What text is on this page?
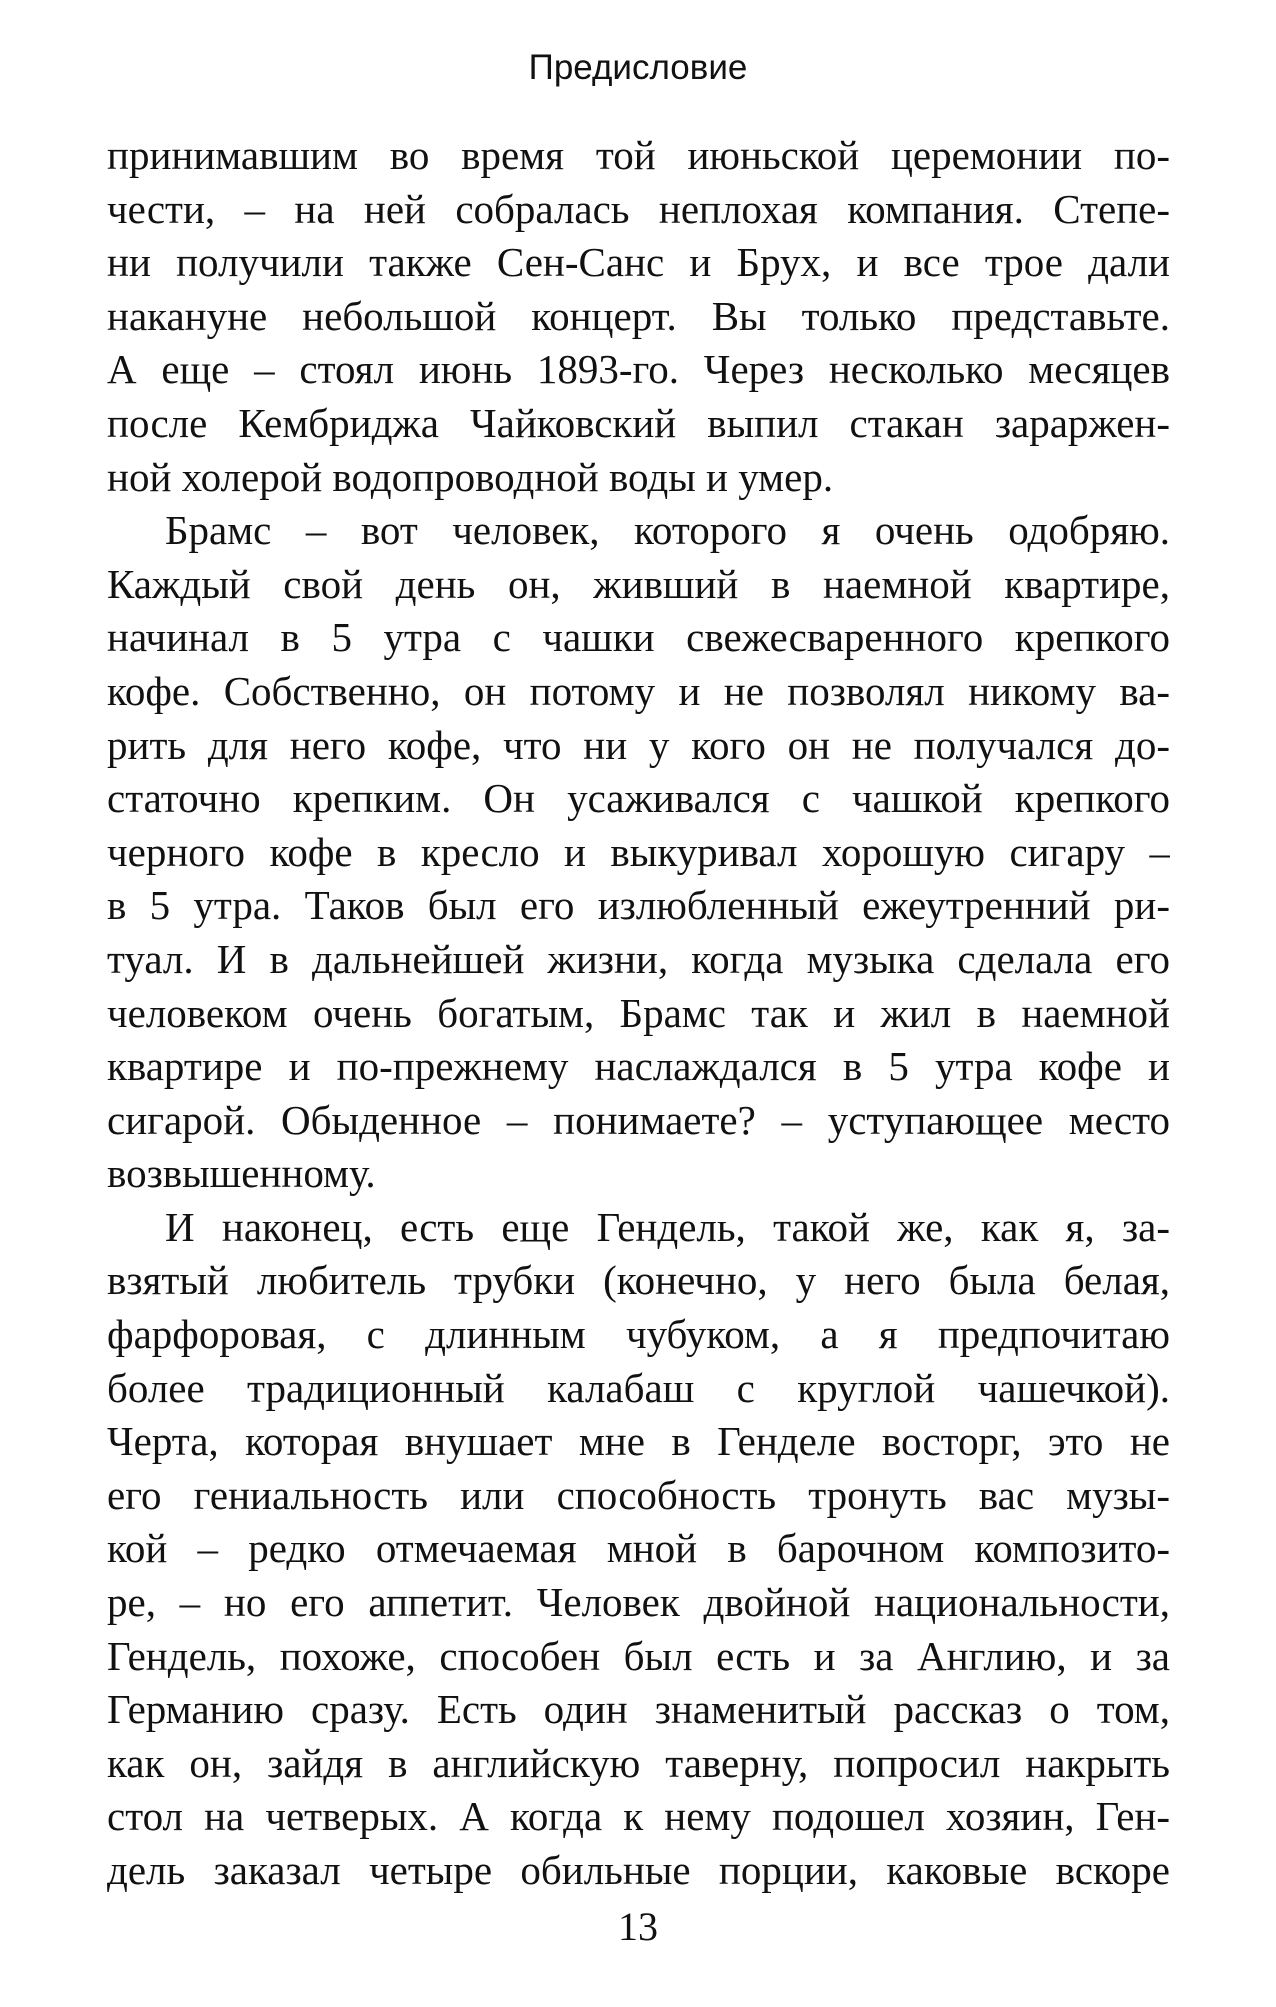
Предисловие
принимавшим во время той июньской церемонии по-
чести, – на ней собралась неплохая компания. Степе-
ни получили также Сен-Санс и Брух, и все трое дали
накануне небольшой концерт. Вы только представьте.
А еще – стоял июнь 1893-го. Через несколько месяцев
после Кембриджа Чайковский выпил стакан зараржен-
ной холерой водопроводной воды и умер.
Брамс – вот человек, которого я очень одобряю.
Каждый свой день он, живший в наемной квартире,
начинал в 5 утра с чашки свежесваренного крепкого
кофе. Собственно, он потому и не позволял никому ва-
рить для него кофе, что ни у кого он не получался до-
статочно крепким. Он усаживался с чашкой крепкого
черного кофе в кресло и выкуривал хорошую сигару –
в 5 утра. Таков был его излюбленный ежеутренний ри-
туал. И в дальнейшей жизни, когда музыка сделала его
человеком очень богатым, Брамс так и жил в наемной
квартире и по-прежнему наслаждался в 5 утра кофе и
сигарой. Обыденное – понимаете? – уступающее место
возвышенному.
И наконец, есть еще Гендель, такой же, как я, за-
взятый любитель трубки (конечно, у него была белая,
фарфоровая, с длинным чубуком, а я предпочитаю
более традиционный калабаш с круглой чашечкой).
Черта, которая внушает мне в Генделе восторг, это не
его гениальность или способность тронуть вас музы-
кой – редко отмечаемая мной в барочном композито-
ре, – но его аппетит. Человек двойной национальности,
Гендель, похоже, способен был есть и за Англию, и за
Германию сразу. Есть один знаменитый рассказ о том,
как он, зайдя в английскую таверну, попросил накрыть
стол на четверых. А когда к нему подошел хозяин, Ген-
дель заказал четыре обильные порции, каковые вскоре
13
